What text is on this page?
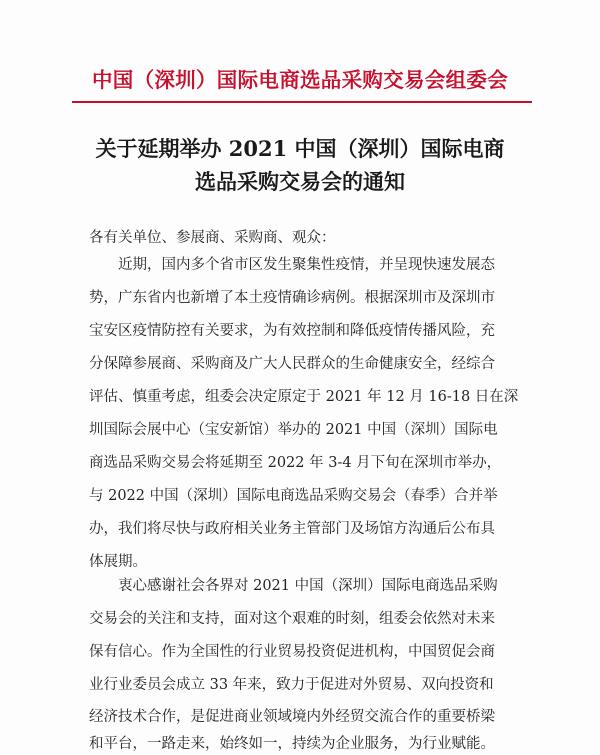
中国（深圳）国际电商选品采购交易会组委会
关于延期举办 2021 中国（深圳）国际电商
选品采购交易会的通知
各有关单位、参展商、采购商、观众：
近期，国内多个省市区发生聚集性疫情，并呈现快速发展态
势，广东省内也新增了本土疫情确诊病例。根据深圳市及深圳市
宝安区疫情防控有关要求，为有效控制和降低疫情传播风险，充
分保障参展商、采购商及广大人民群众的生命健康安全，经综合
评估、慎重考虑，组委会决定原定于 2021 年 12 月 16-18 日在深
圳国际会展中心（宝安新馆）举办的 2021 中国（深圳）国际电
商选品采购交易会将延期至 2022 年 3-4 月下旬在深圳市举办，
与 2022 中国（深圳）国际电商选品采购交易会（春季）合并举
办，我们将尽快与政府相关业务主管部门及场馆方沟通后公布具
体展期。
衷心感谢社会各界对 2021 中国（深圳）国际电商选品采购
交易会的关注和支持，面对这个艰难的时刻，组委会依然对未来
保有信心。作为全国性的行业贸易投资促进机构，中国贸促会商
业行业委员会成立 33 年来，致力于促进对外贸易、双向投资和
经济技术合作，是促进商业领域境内外经贸交流合作的重要桥梁
和平台，一路走来，始终如一，持续为企业服务，为行业赋能。
